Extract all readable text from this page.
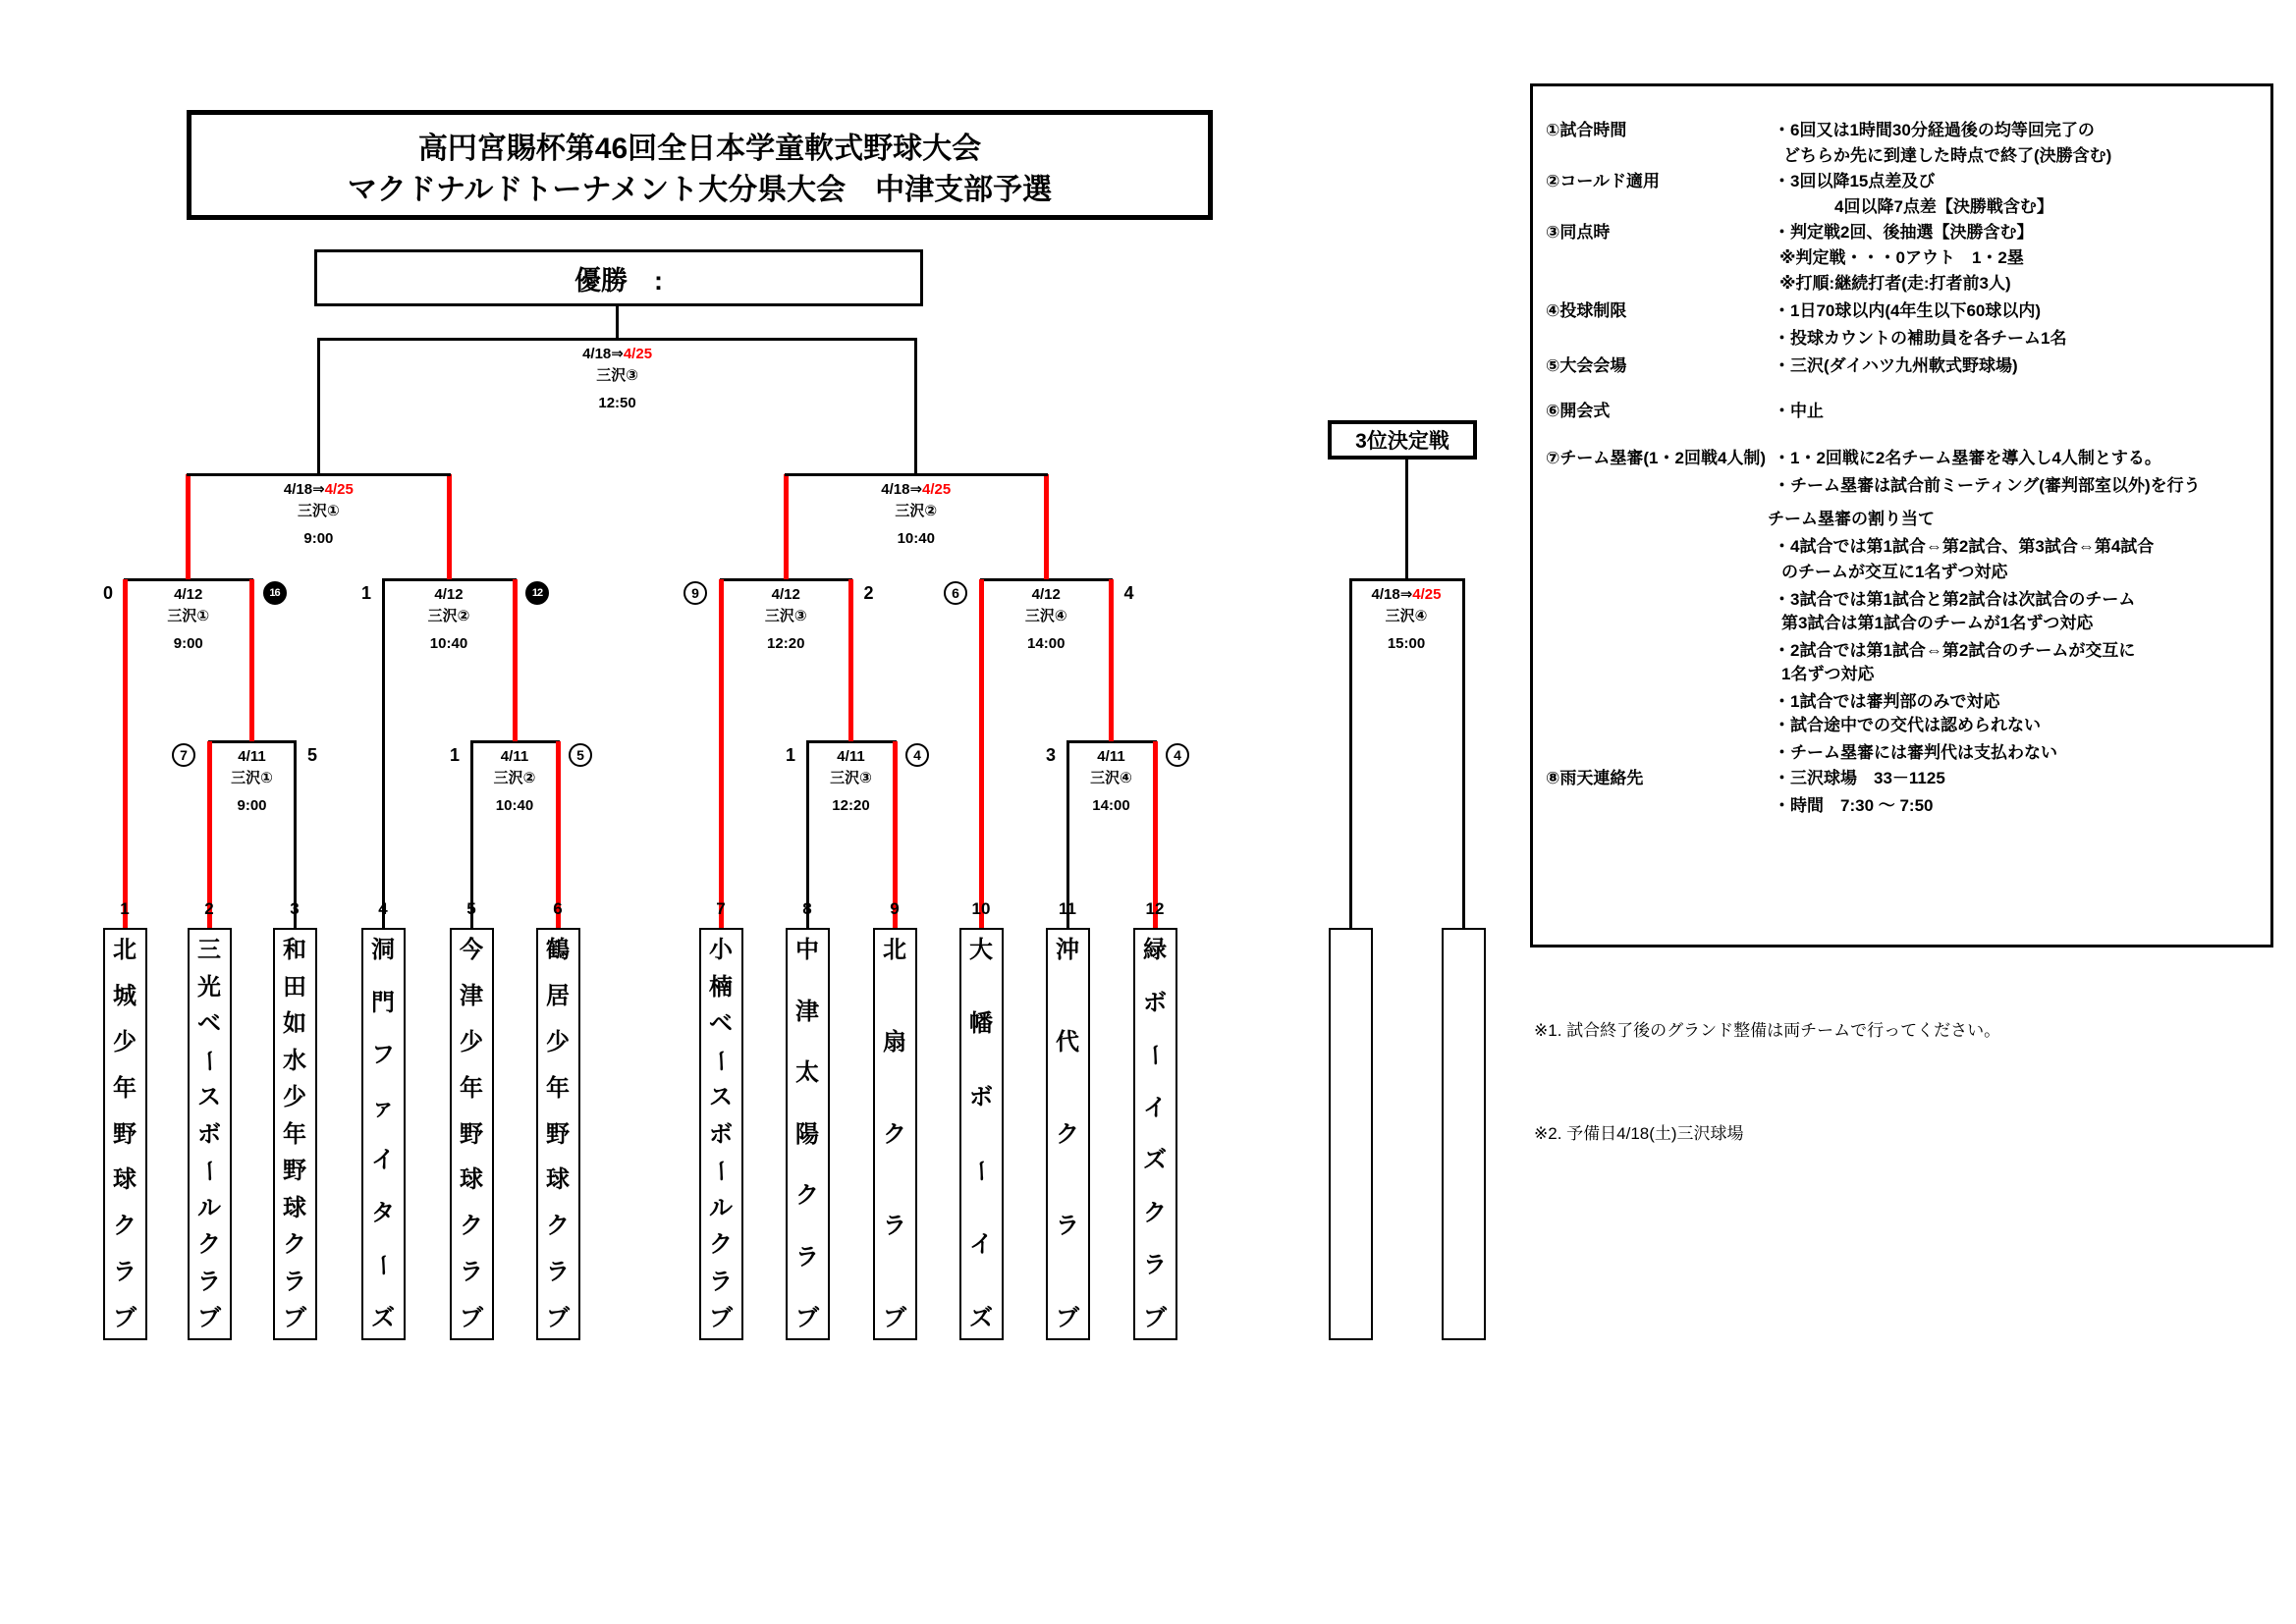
高円宮賜杯第46回全日本学童軟式野球大会
マクドナルドトーナメント大分県大会　中津支部予選
優勝　:
3位決定戦
①試合時間	・6回又は1時間30分経過後の均等回完了の
どちらか先に到達した時点で終了(決勝含む)
②コールド適用	・3回以降15点差及び
4回以降7点差【決勝戦含む】
③同点時	・判定戦2回、後抽選【決勝含む】
※判定戦・・・0アウト　1・2塁
※打順:継続打者(走:打者前3人)
④投球制限	・1日70球以内(4年生以下60球以内)
・投球カウントの補助員を各チーム1名
⑤大会会場	・三沢(ダイハツ九州軟式野球場)
⑥開会式	・中止
⑦チーム塁審(1・2回戦4人制) ・1・2回戦に2名チーム塁審を導入し4人制とする。
・チーム塁審は試合前ミーティング(審判部室以外)を行う
チーム塁審の割り当て
・4試合では第1試合⇔第2試合、第3試合⇔第4試合
のチームが交互に1名ずつ対応
・3試合では第1試合と第2試合は次試合のチーム
第3試合は第1試合のチームが1名ずつ対応
・2試合では第1試合⇔第2試合のチームが交互に
1名ずつ対応
・1試合では審判部のみで対応
・試合途中での交代は認められない
・チーム塁審には審判代は支払わない
⑧雨天連絡先	・三沢球場　33－1125
・時間　7:30 ～ 7:50
※1. 試合終了後のグランド整備は両チームで行ってください。
※2. 予備日4/18(土)三沢球場
4/11
三沢①
9:00
7	5	4/11
三沢②
10:40
1	5	4/11
三沢③
12:20
1	4	4/11
三沢④
14:00
3	4
4/12
三沢①
9:00
0	16	4/12
三沢②
10:40
1	12	4/12
三沢③
12:20
9	2	4/12
三沢④
14:00
6	4
4/18⇒4/25
三沢①
9:00
4/18⇒4/25
三沢②
10:40
4/18⇒4/25
三沢③
12:50
4/18⇒4/25
三沢④
15:00
1
北
城
少
年
野
球
ク
ラ
ブ
2
三
光
ベ
ー
ス
ボ
ー
ル
ク
ラ
ブ
3
和
田
如
水
少
年
野
球
ク
ラ
ブ
4
洞
門
フ
ァ
イ
タ
ー
ズ
5
今
津
少
年
野
球
ク
ラ
ブ
6
鶴
居
少
年
野
球
ク
ラ
ブ
7
小
楠
ベ
ー
ス
ボ
ー
ル
ク
ラ
ブ
8
中
津
太
陽
ク
ラ
ブ
9
北
扇
ク
ラ
ブ
10
大
幡
ボ
ー
イ
ズ
11
沖
代
ク
ラ
ブ
12
緑
ボ
ー
イ
ズ
ク
ラ
ブ
